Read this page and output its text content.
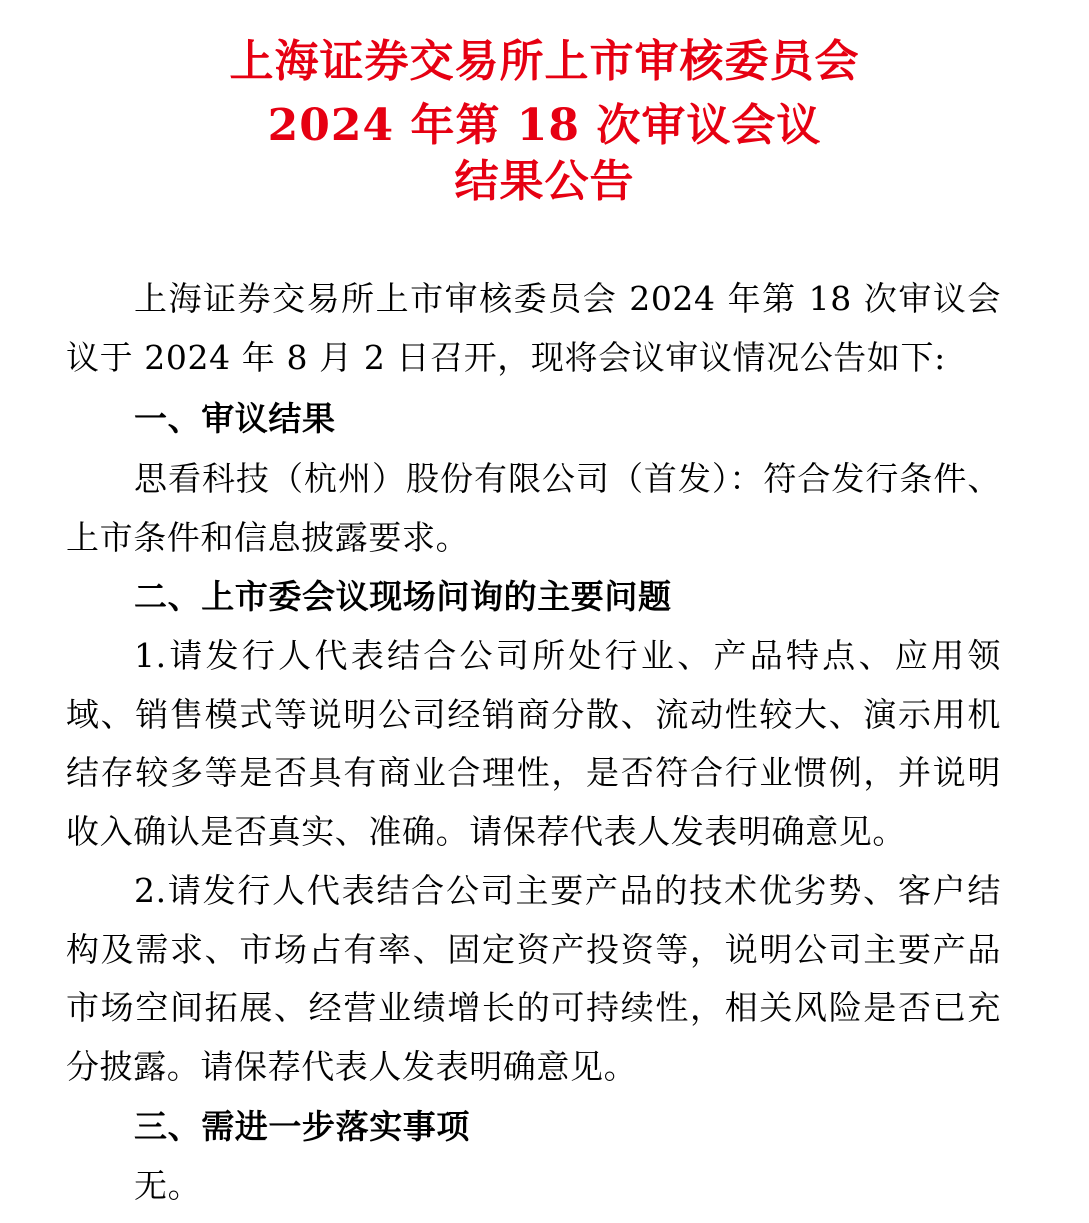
上海证券交易所上市审核委员会
2024 年第 18 次审议会议
结果公告

上海证券交易所上市审核委员会 2024 年第 18 次审议会议于 2024 年 8 月 2 日召开，现将会议审议情况公告如下:

一、审议结果

思看科技（杭州）股份有限公司（首发）：符合发行条件、上市条件和信息披露要求。

二、上市委会议现场问询的主要问题

1.请发行人代表结合公司所处行业、产品特点、应用领域、销售模式等说明公司经销商分散、流动性较大、演示用机结存较多等是否具有商业合理性，是否符合行业惯例，并说明收入确认是否真实、准确。请保荐代表人发表明确意见。

2.请发行人代表结合公司主要产品的技术优劣势、客户结构及需求、市场占有率、固定资产投资等，说明公司主要产品市场空间拓展、经营业绩增长的可持续性，相关风险是否已充分披露。请保荐代表人发表明确意见。

三、需进一步落实事项

无。
